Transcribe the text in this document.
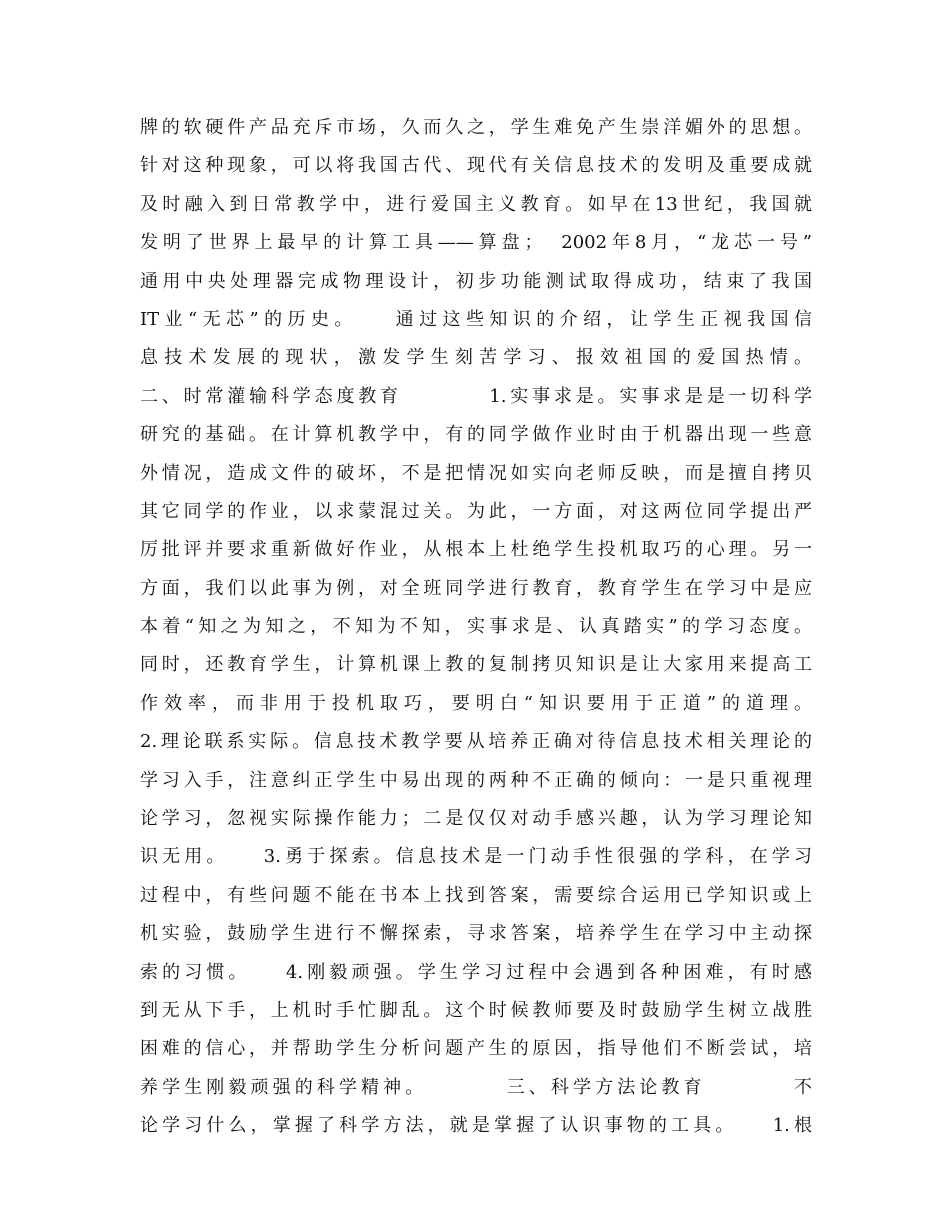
牌的软硬件产品充斥市场，久而久之，学生难免产生崇洋媚外的思想。
针对这种现象，可以将我国古代、现代有关信息技术的发明及重要成就
及时融入到日常教学中，进行爱国主义教育。如早在13世纪，我国就
发明了世界上最早的计算工具——算盘；　2002年8月，“龙芯一号”
通用中央处理器完成物理设计，初步功能测试取得成功，结束了我国
IT业“无芯”的历史。　　通过这些知识的介绍，让学生正视我国信
息技术发展的现状，激发学生刻苦学习、报效祖国的爱国热情。
二、时常灌输科学态度教育　　　　1.实事求是。实事求是是一切科学
研究的基础。在计算机教学中，有的同学做作业时由于机器出现一些意
外情况，造成文件的破坏，不是把情况如实向老师反映，而是擅自拷贝
其它同学的作业，以求蒙混过关。为此，一方面，对这两位同学提出严
厉批评并要求重新做好作业，从根本上杜绝学生投机取巧的心理。另一
方面，我们以此事为例，对全班同学进行教育，教育学生在学习中是应
本着“知之为知之，不知为不知，实事求是、认真踏实”的学习态度。
同时，还教育学生，计算机课上教的复制拷贝知识是让大家用来提高工
作效率，而非用于投机取巧，要明白“知识要用于正道”的道理。
2.理论联系实际。信息技术教学要从培养正确对待信息技术相关理论的
学习入手，注意纠正学生中易出现的两种不正确的倾向：一是只重视理
论学习，忽视实际操作能力；二是仅仅对动手感兴趣，认为学习理论知
识无用。　　3.勇于探索。信息技术是一门动手性很强的学科，在学习
过程中，有些问题不能在书本上找到答案，需要综合运用已学知识或上
机实验，鼓励学生进行不懈探索，寻求答案，培养学生在学习中主动探
索的习惯。　　4.刚毅顽强。学生学习过程中会遇到各种困难，有时感
到无从下手，上机时手忙脚乱。这个时候教师要及时鼓励学生树立战胜
困难的信心，并帮助学生分析问题产生的原因，指导他们不断尝试，培
养学生刚毅顽强的科学精神。　　　　三、科学方法论教育　　　　不
论学习什么，掌握了科学方法，就是掌握了认识事物的工具。　　1.根
